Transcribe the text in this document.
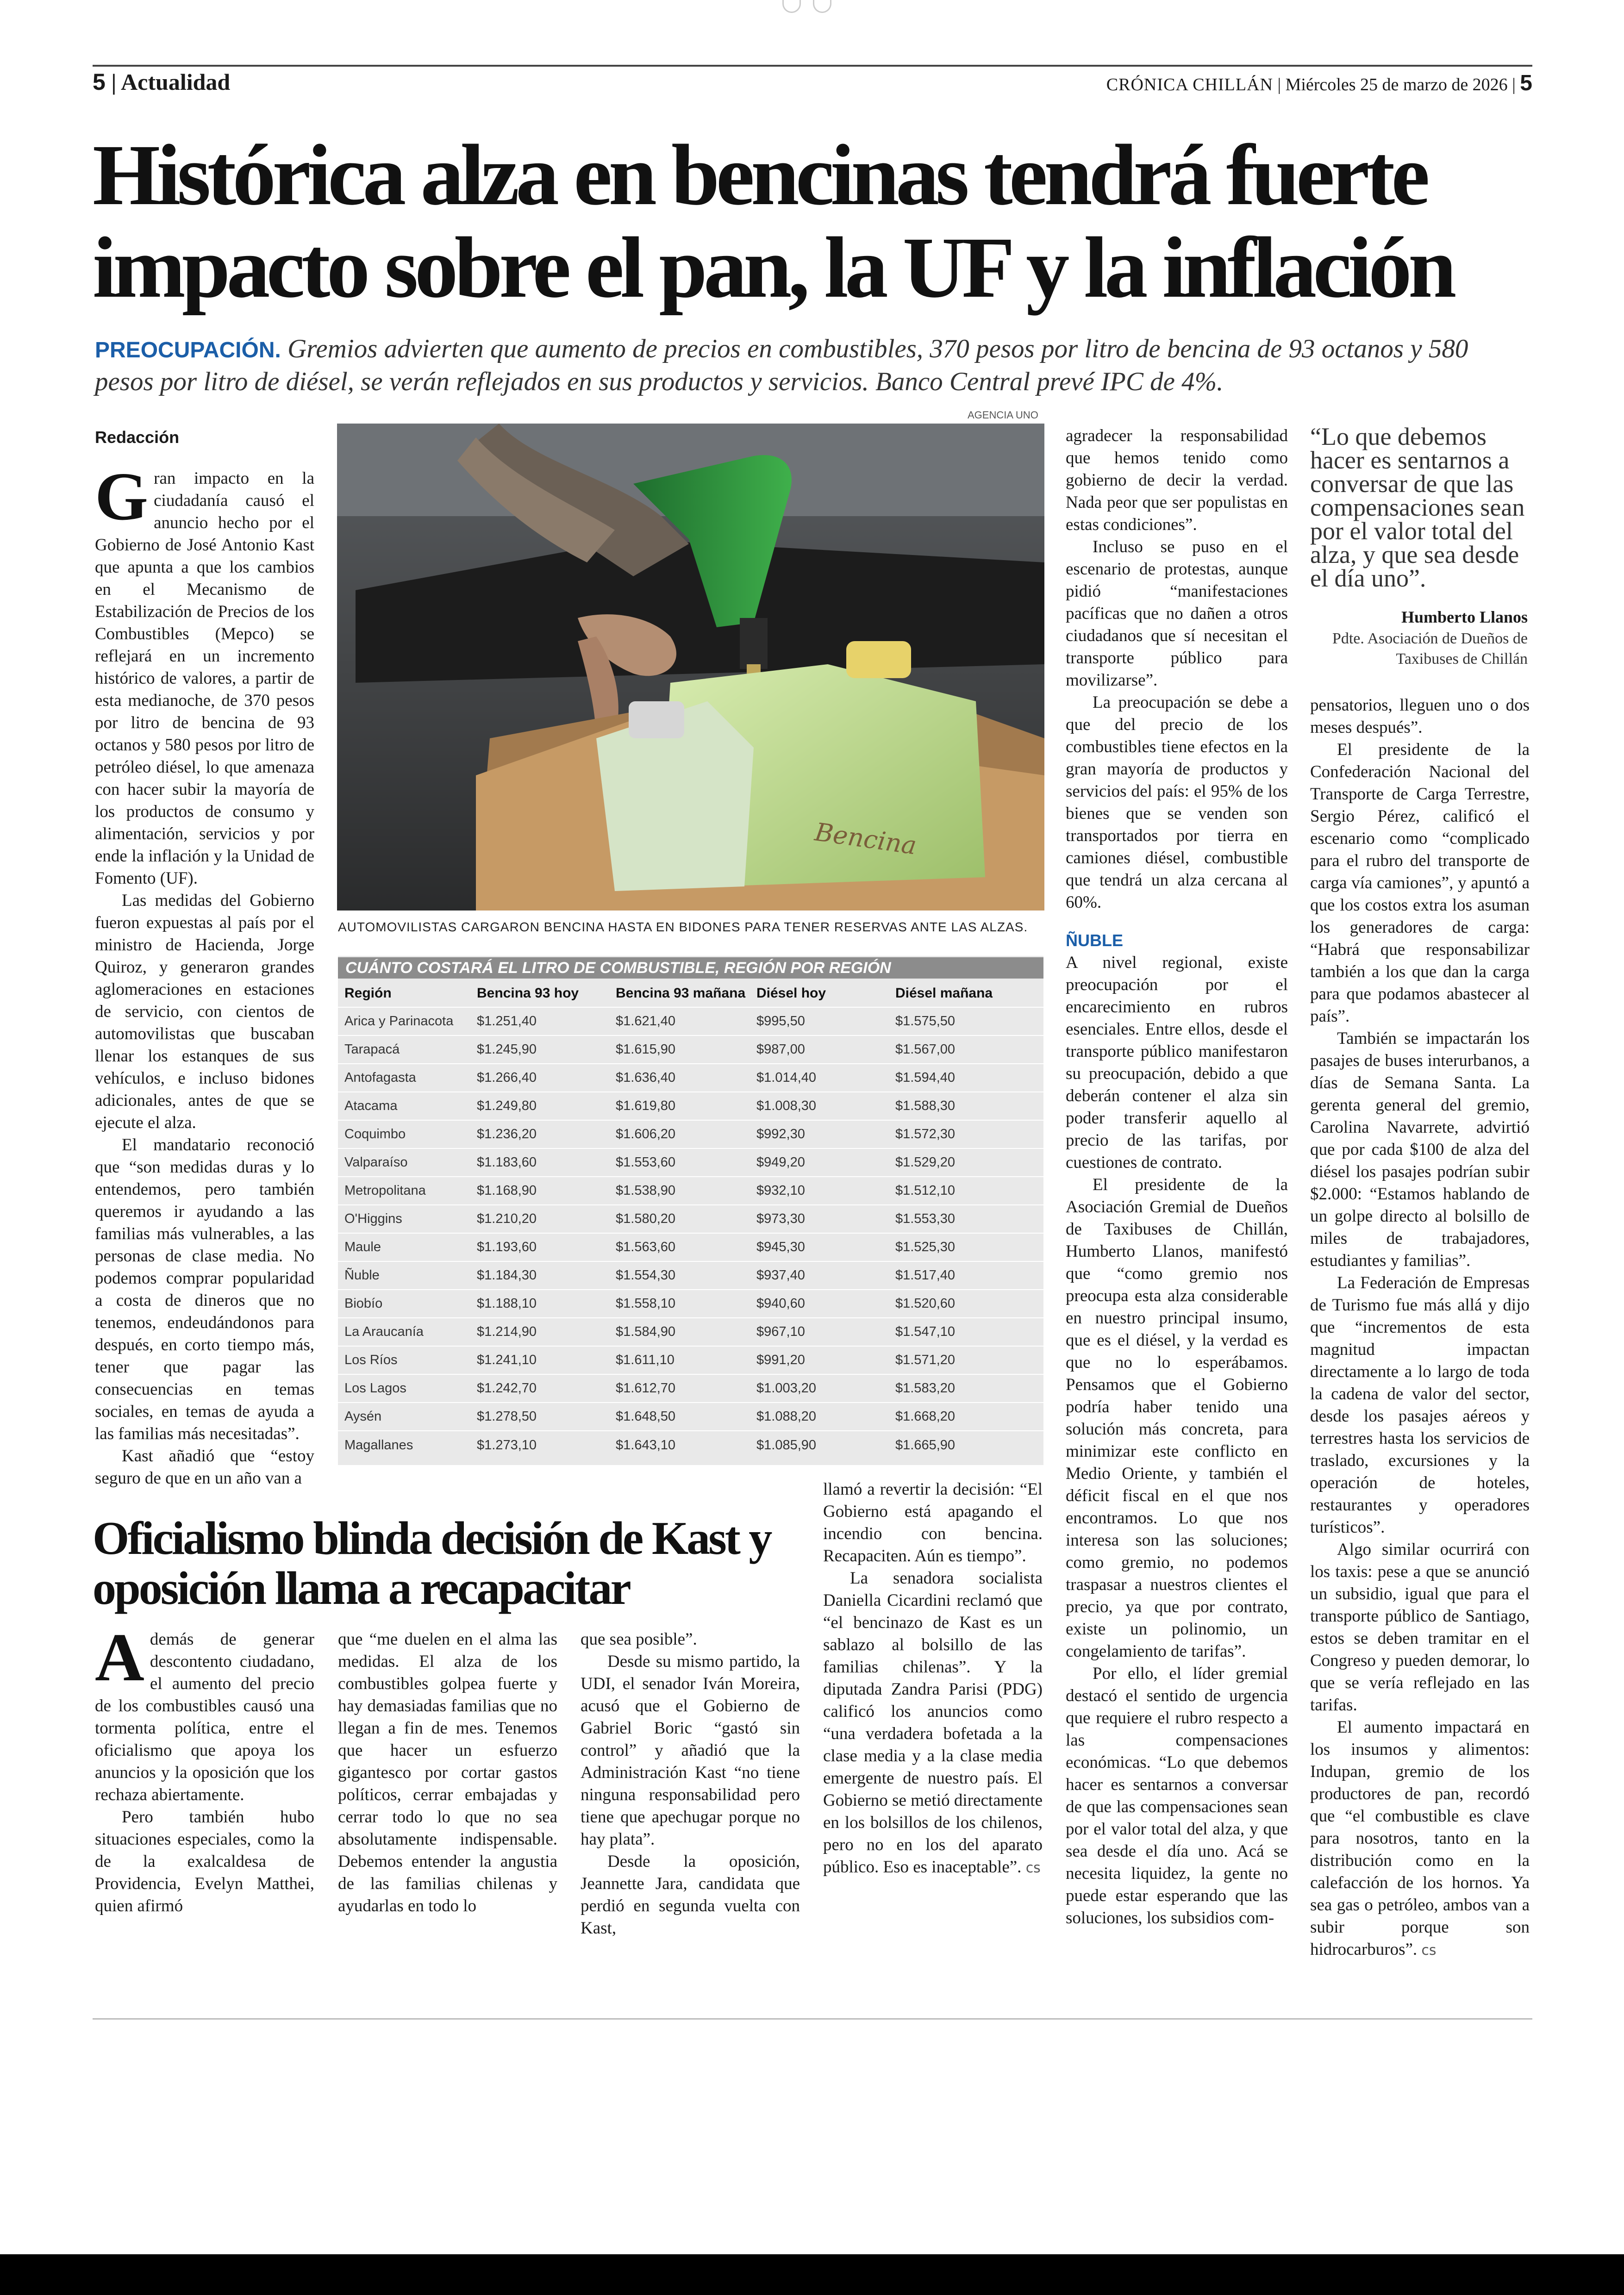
5 | Actualidad	CRÓNICA CHILLÁN | Miércoles 25 de marzo de 2026 | 5
Histórica alza en bencinas tendrá fuerte impacto sobre el pan, la UF y la inflación
PREOCUPACIÓN. Gremios advierten que aumento de precios en combustibles, 370 pesos por litro de bencina de 93 octanos y 580 pesos por litro de diésel, se verán reflejados en sus productos y servicios. Banco Central prevé IPC de 4%.
Redacción

Gran impacto en la ciudadanía causó el anuncio hecho por el Gobierno de José Antonio Kast que apunta a que los cambios en el Mecanismo de Estabilización de Precios de los Combustibles (Mepco) se reflejará en un incremento histórico de valores, a partir de esta medianoche, de 370 pesos por litro de bencina de 93 octanos y 580 pesos por litro de petróleo diésel, lo que amenaza con hacer subir la mayoría de los productos de consumo y alimentación, servicios y por ende la inflación y la Unidad de Fomento (UF).

Las medidas del Gobierno fueron expuestas al país por el ministro de Hacienda, Jorge Quiroz, y generaron grandes aglomeraciones en estaciones de servicio, con cientos de automovilistas que buscaban llenar los estanques de sus vehículos, e incluso bidones adicionales, antes de que se ejecute el alza.

El mandatario reconoció que “son medidas duras y lo entendemos, pero también queremos ir ayudando a las familias más vulnerables, a las personas de clase media. No podemos comprar popularidad a costa de dineros que no tenemos, endeudándonos para después, en corto tiempo más, tener que pagar las consecuencias en temas sociales, en temas de ayuda a las familias más necesitadas”.

Kast añadió que “estoy seguro de que en un año van a

AGENCIA UNO
Bencina
AUTOMOVILISTAS CARGARON BENCINA HASTA EN BIDONES PARA TENER RESERVAS ANTE LAS ALZAS.
CUÁNTO COSTARÁ EL LITRO DE COMBUSTIBLE, REGIÓN POR REGIÓN
Región	Bencina 93 hoy	Bencina 93 mañana	Diésel hoy	Diésel mañana
Arica y Parinacota	$1.251,40	$1.621,40	$995,50	$1.575,50
Tarapacá	$1.245,90	$1.615,90	$987,00	$1.567,00
Antofagasta	$1.266,40	$1.636,40	$1.014,40	$1.594,40
Atacama	$1.249,80	$1.619,80	$1.008,30	$1.588,30
Coquimbo	$1.236,20	$1.606,20	$992,30	$1.572,30
Valparaíso	$1.183,60	$1.553,60	$949,20	$1.529,20
Metropolitana	$1.168,90	$1.538,90	$932,10	$1.512,10
O'Higgins	$1.210,20	$1.580,20	$973,30	$1.553,30
Maule	$1.193,60	$1.563,60	$945,30	$1.525,30
Ñuble	$1.184,30	$1.554,30	$937,40	$1.517,40
Biobío	$1.188,10	$1.558,10	$940,60	$1.520,60
La Araucanía	$1.214,90	$1.584,90	$967,10	$1.547,10
Los Ríos	$1.241,10	$1.611,10	$991,20	$1.571,20
Los Lagos	$1.242,70	$1.612,70	$1.003,20	$1.583,20
Aysén	$1.278,50	$1.648,50	$1.088,20	$1.668,20
Magallanes	$1.273,10	$1.643,10	$1.085,90	$1.665,90

agradecer la responsabilidad que hemos tenido como gobierno de decir la verdad. Nada peor que ser populistas en estas condiciones”.

Incluso se puso en el escenario de protestas, aunque pidió “manifestaciones pacíficas que no dañen a otros ciudadanos que sí necesitan el transporte público para movilizarse”.

La preocupación se debe a que del precio de los combustibles tiene efectos en la gran mayoría de productos y servicios del país: el 95% de los bienes que se venden son transportados por tierra en camiones diésel, combustible que tendrá un alza cercana al 60%.

ÑUBLE

A nivel regional, existe preocupación por el encarecimiento en rubros esenciales. Entre ellos, desde el transporte público manifestaron su preocupación, debido a que deberán contener el alza sin poder transferir aquello al precio de las tarifas, por cuestiones de contrato.

El presidente de la Asociación Gremial de Dueños de Taxibuses de Chillán, Humberto Llanos, manifestó que “como gremio nos preocupa esta alza considerable en nuestro principal insumo, que es el diésel, y la verdad es que no lo esperábamos. Pensamos que el Gobierno podría haber tenido una solución más concreta, para minimizar este conflicto en Medio Oriente, y también el déficit fiscal en el que nos encontramos. Lo que nos interesa son las soluciones; como gremio, no podemos traspasar a nuestros clientes el precio, ya que por contrato, existe un polinomio, un congelamiento de tarifas”.

Por ello, el líder gremial destacó el sentido de urgencia que requiere el rubro respecto a las compensaciones económicas. “Lo que debemos hacer es sentarnos a conversar de que las compensaciones sean por el valor total del alza, y que sea desde el día uno. Acá se necesita liquidez, la gente no puede estar esperando que las soluciones, los subsidios com-

“Lo que debemos hacer es sentarnos a conversar de que las compensaciones sean por el valor total del alza, y que sea desde el día uno”.
Humberto Llanos
Pdte. Asociación de Dueños de Taxibuses de Chillán

pensatorios, lleguen uno o dos meses después”.

El presidente de la Confederación Nacional del Transporte de Carga Terrestre, Sergio Pérez, calificó el escenario como “complicado para el rubro del transporte de carga vía camiones”, y apuntó a que los costos extra los asuman los generadores de carga: “Habrá que responsabilizar también a los que dan la carga para que podamos abastecer al país”.

También se impactarán los pasajes de buses interurbanos, a días de Semana Santa. La gerenta general del gremio, Carolina Navarrete, advirtió que por cada $100 de alza del diésel los pasajes podrían subir $2.000: “Estamos hablando de un golpe directo al bolsillo de miles de trabajadores, estudiantes y familias”.

La Federación de Empresas de Turismo fue más allá y dijo que “incrementos de esta magnitud impactan directamente a lo largo de toda la cadena de valor del sector, desde los pasajes aéreos y terrestres hasta los servicios de traslado, excursiones y la operación de hoteles, restaurantes y operadores turísticos”.

Algo similar ocurrirá con los taxis: pese a que se anunció un subsidio, igual que para el transporte público de Santiago, estos se deben tramitar en el Congreso y pueden demorar, lo que se vería reflejado en las tarifas.

El aumento impactará en los insumos y alimentos: Indupan, gremio de los productores de pan, recordó que “el combustible es clave para nosotros, tanto en la distribución como en la calefacción de los hornos. Ya sea gas o petróleo, ambos van a subir porque son hidrocarburos”. cs

Oficialismo blinda decisión de Kast y oposición llama a recapacitar

Además de generar descontento ciudadano, el aumento del precio de los combustibles causó una tormenta política, entre el oficialismo que apoya los anuncios y la oposición que los rechaza abiertamente.

Pero también hubo situaciones especiales, como la de la exalcaldesa de Providencia, Evelyn Matthei, quien afirmó

que “me duelen en el alma las medidas. El alza de los combustibles golpea fuerte y hay demasiadas familias que no llegan a fin de mes. Tenemos que hacer un esfuerzo gigantesco por cortar gastos políticos, cerrar embajadas y cerrar todo lo que no sea absolutamente indispensable. Debemos entender la angustia de las familias chilenas y ayudarlas en todo lo

que sea posible”.

Desde su mismo partido, la UDI, el senador Iván Moreira, acusó que el Gobierno de Gabriel Boric “gastó sin control” y añadió que la Administración Kast “no tiene ninguna responsabilidad pero tiene que apechugar porque no hay plata”.

Desde la oposición, Jeannette Jara, candidata que perdió en segunda vuelta con Kast,

llamó a revertir la decisión: “El Gobierno está apagando el incendio con bencina. Recapaciten. Aún es tiempo”.

La senadora socialista Daniella Cicardini reclamó que “el bencinazo de Kast es un sablazo al bolsillo de las familias chilenas”. Y la diputada Zandra Parisi (PDG) calificó los anuncios como “una verdadera bofetada a la clase media y a la clase media emergente de nuestro país. El Gobierno se metió directamente en los bolsillos de los chilenos, pero no en los del aparato público. Eso es inaceptable”. cs
